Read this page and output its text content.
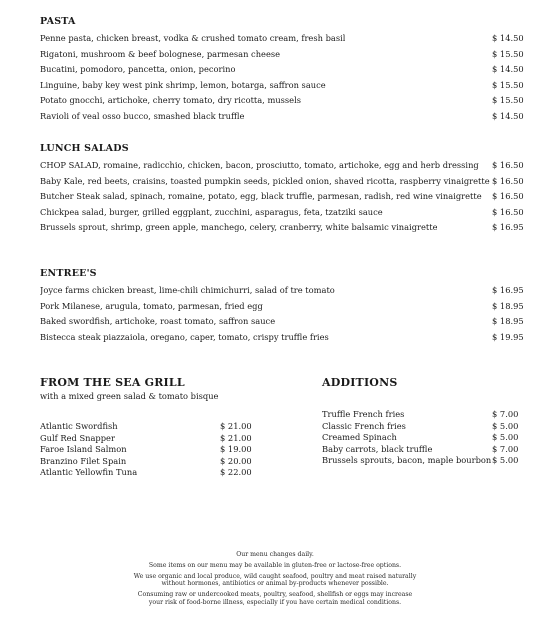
PASTA
Penne pasta, chicken breast, vodka & crushed tomato cream, fresh basil	$ 14.50
Rigatoni, mushroom & beef bolognese, parmesan cheese	$ 15.50
Bucatini, pomodoro, pancetta, onion, pecorino	$ 14.50
Linguine, baby key west pink shrimp, lemon, botarga, saffron sauce	$ 15.50
Potato gnocchi, artichoke, cherry tomato, dry ricotta, mussels	$ 15.50
Ravioli of veal osso bucco, smashed black truffle	$ 14.50
LUNCH SALADS
CHOP SALAD, romaine, radicchio, chicken, bacon, prosciutto, tomato, artichoke, egg and herb dressing $ 16.50
Baby Kale, red beets, craisins, toasted pumpkin seeds, pickled onion, shaved ricotta, raspberry vinaigrette $ 16.50
Butcher Steak salad, spinach, romaine, potato, egg, black truffle, parmesan, radish, red wine vinaigrette $ 16.50
Chickpea salad, burger, grilled eggplant, zucchini, asparagus, feta, tzatziki sauce	$ 16.50
Brussels sprout, shrimp, green apple, manchego, celery, cranberry, white balsamic vinaigrette	$ 16.95
ENTREE'S
Joyce farms chicken breast, lime-chili chimichurri, salad of tre tomato	$ 16.95
Pork Milanese, arugula, tomato, parmesan, fried egg	$ 18.95
Baked swordfish, artichoke, roast tomato, saffron sauce	$ 18.95
Bistecca steak piazzaiola, oregano, caper, tomato, crispy truffle fries	$ 19.95
FROM THE SEA GRILL
with a mixed green salad & tomato bisque
Atlantic Swordfish	$ 21.00
Gulf Red Snapper	$ 21.00
Faroe Island Salmon	$ 19.00
Branzino Filet Spain	$ 20.00
Atlantic Yellowfin Tuna	$ 22.00
ADDITIONS
Truffle French fries	$ 7.00
Classic French fries	$ 5.00
Creamed Spinach	$ 5.00
Baby carrots, black truffle	$ 7.00
Brussels sprouts, bacon, maple bourbon $ 5.00

Our menu changes daily.

Some items on our menu may be available in gluten-free or lactose-free options.

We use organic and local produce, wild caught seafood, poultry and meat raised naturally
without hormones, antibiotics or animal by-products whenever possible.

Consuming raw or undercooked meats, poultry, seafood, shellfish or eggs may increase
your risk of food-borne illness, especially if you have certain medical conditions.
